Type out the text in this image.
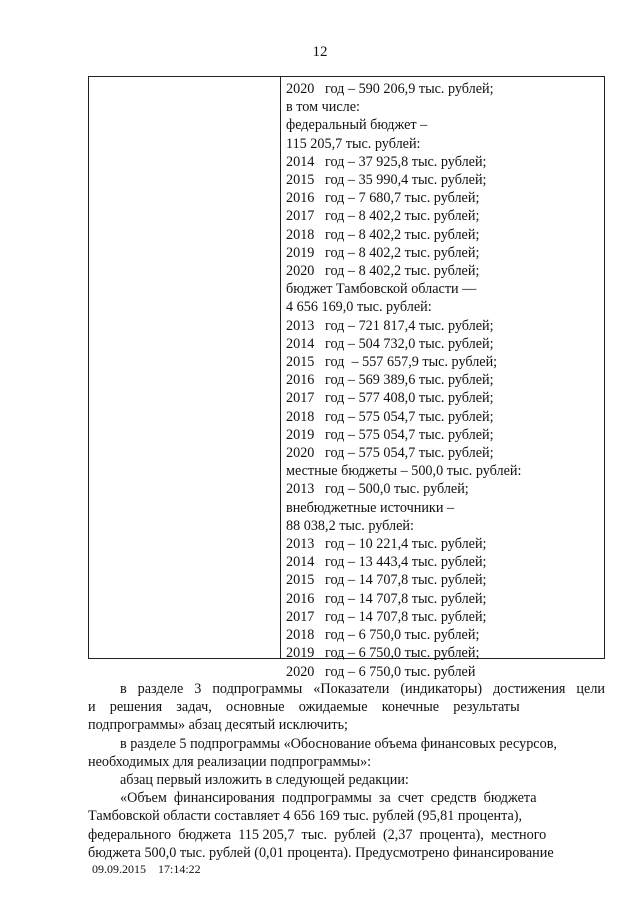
12
2020   год – 590 206,9 тыс. рублей;
в том числе:
федеральный бюджет –
115 205,7 тыс. рублей:
2014   год – 37 925,8 тыс. рублей;
2015   год – 35 990,4 тыс. рублей;
2016   год – 7 680,7 тыс. рублей;
2017   год – 8 402,2 тыс. рублей;
2018   год – 8 402,2 тыс. рублей;
2019   год – 8 402,2 тыс. рублей;
2020   год – 8 402,2 тыс. рублей;
бюджет Тамбовской области —
4 656 169,0 тыс. рублей:
2013   год – 721 817,4 тыс. рублей;
2014   год – 504 732,0 тыс. рублей;
2015   год  – 557 657,9 тыс. рублей;
2016   год – 569 389,6 тыс. рублей;
2017   год – 577 408,0 тыс. рублей;
2018   год – 575 054,7 тыс. рублей;
2019   год – 575 054,7 тыс. рублей;
2020   год – 575 054,7 тыс. рублей;
местные бюджеты – 500,0 тыс. рублей:
2013   год – 500,0 тыс. рублей;
внебюджетные источники –
88 038,2 тыс. рублей:
2013   год – 10 221,4 тыс. рублей;
2014   год – 13 443,4 тыс. рублей;
2015   год – 14 707,8 тыс. рублей;
2016   год – 14 707,8 тыс. рублей;
2017   год – 14 707,8 тыс. рублей;
2018   год – 6 750,0 тыс. рублей;
2019   год – 6 750,0 тыс. рублей;
2020   год – 6 750,0 тыс. рублей

в разделе 3 подпрограммы «Показатели (индикаторы) достижения цели

и    решения    задач,    основные    ожидаемые    конечные    результаты

подпрограммы» абзац десятый исключить;

в разделе 5 подпрограммы «Обоснование объема финансовых ресурсов,

необходимых для реализации подпрограммы»:

абзац первый изложить в следующей редакции:

«Объем  финансирования  подпрограммы  за  счет  средств  бюджета

Тамбовской области составляет 4 656 169 тыс. рублей (95,81 процента),

федерального  бюджета  115 205,7  тыс.  рублей  (2,37  процента),  местного

бюджета 500,0 тыс. рублей (0,01 процента). Предусмотрено финансирование

09.09.2015 17:14:22
